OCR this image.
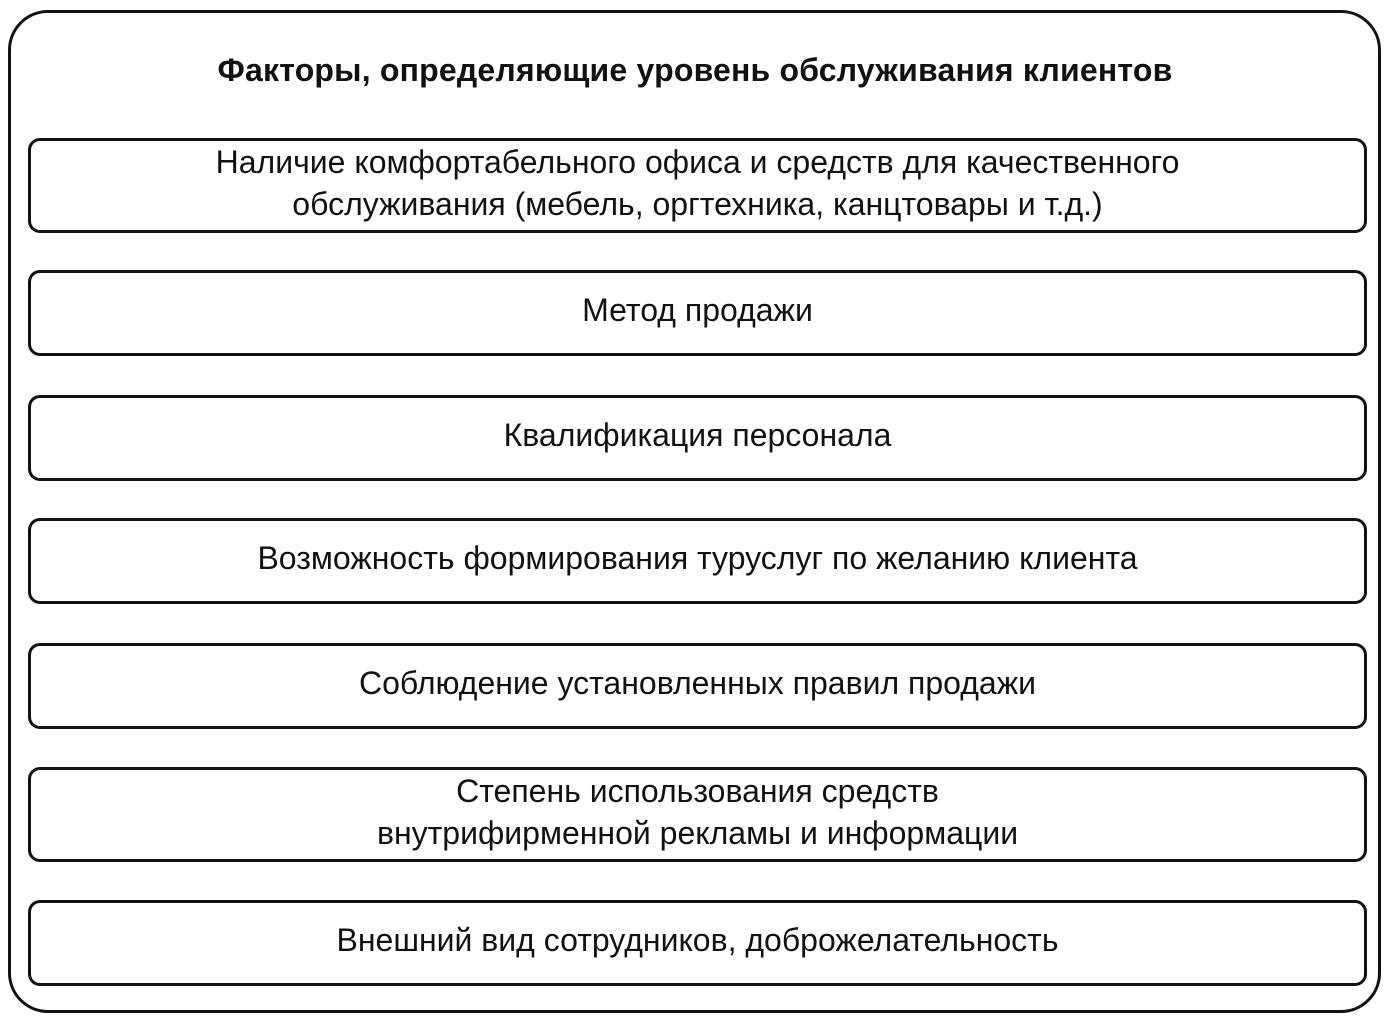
Факторы, определяющие уровень обслуживания клиентов
Наличие комфортабельного офиса и средств для качественного
обслуживания (мебель, оргтехника, канцтовары и т.д.)
Метод продажи
Квалификация персонала
Возможность формирования туруслуг по желанию клиента
Соблюдение установленных правил продажи
Степень использования средств
внутрифирменной рекламы и информации
Внешний вид сотрудников, доброжелательность
